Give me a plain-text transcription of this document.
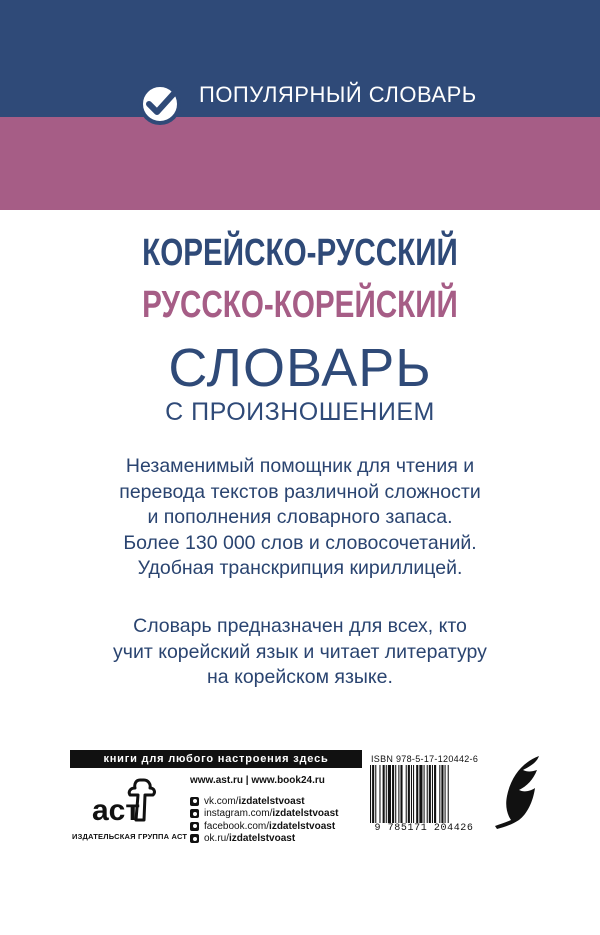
ПОПУЛЯРНЫЙ СЛОВАРЬ
КОРЕЙСКО-РУССКИЙ
РУССКО-КОРЕЙСКИЙ
СЛОВАРЬ
С ПРОИЗНОШЕНИЕМ

Незаменимый помощник для чтения и

перевода текстов различной сложности

и пополнения словарного запаса.

Более 130 000 слов и словосочетаний.

Удобная транскрипция кириллицей.

Словарь предназначен для всех, кто

учит корейский язык и читает литературу

на корейском языке.

книги для любого настроения здесь
аст
ИЗДАТЕЛЬСКАЯ ГРУППА АСТ
www.ast.ru | www.book24.ru
vk.com/ izdatelstvoast
instagram.com/ izdatelstvoast
facebook.com/ izdatelstvoast
ok.ru/ izdatelstvoast
ISBN 978-5-17-120442-6
9 785171 204426
